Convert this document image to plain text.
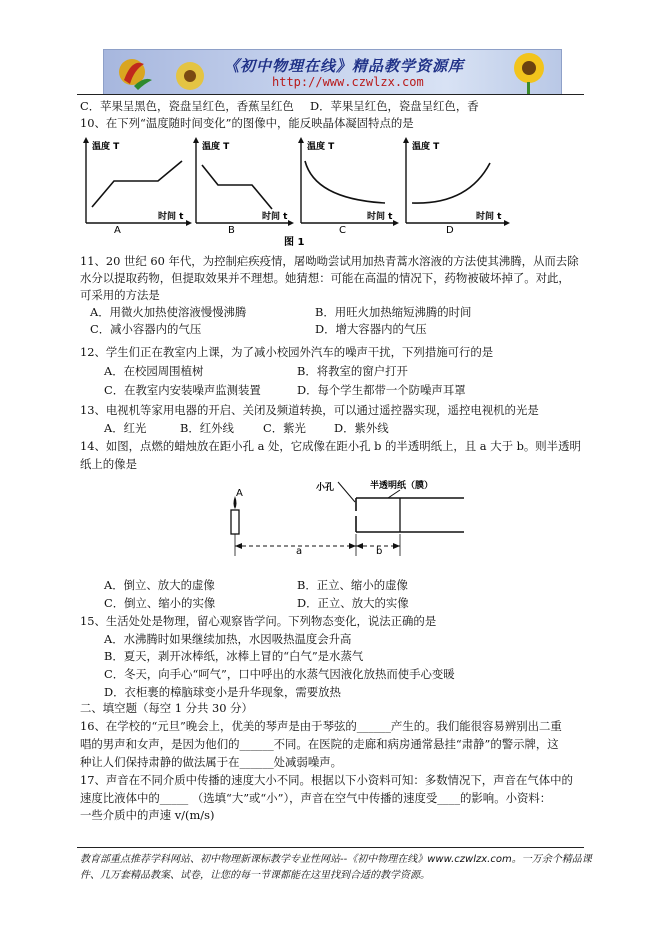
《初中物理在线》精品教学资源库
http://www.czwlzx.com
C．苹果呈黑色，瓷盘呈红色，香蕉呈红色 D．苹果呈红色，瓷盘呈红色，香
10、在下列“温度随时间变化”的图像中，能反映晶体凝固特点的是
温度 T
时间 t
A
温度 T
时间 t
B
温度 T
时间 t
C
温度 T
时间 t
D
图 1
11、20 世纪 60 年代，为控制疟疾疫情，屠呦呦尝试用加热青蒿水溶液的方法使其沸腾，从而去除
水分以提取药物，但提取效果并不理想。她猜想：可能在高温的情况下，药物被破坏掉了。对此，
可采用的方法是
A．用微火加热使溶液慢慢沸腾	B．用旺火加热缩短沸腾的时间
C．减小容器内的气压	D．增大容器内的气压
12、学生们正在教室内上课，为了减小校园外汽车的噪声干扰，下列措施可行的是
A．在校园周围植树	B．将教室的窗户打开
C．在教室内安装噪声监测装置	D．每个学生都带一个防噪声耳罩
13、电视机等家用电器的开启、关闭及频道转换，可以通过遥控器实现，遥控电视机的光是
A．红光	B．红外线	C．紫光 D．紫外线
14、如图，点燃的蜡烛放在距小孔 a 处，它成像在距小孔 b 的半透明纸上，且 a 大于 b。则半透明
纸上的像是
A	小孔	半透明纸（膜）
a	b
A．倒立、放大的虚像	B．正立、缩小的虚像
C．倒立、缩小的实像	D．正立、放大的实像
15、生活处处是物理，留心观察皆学问。下列物态变化，说法正确的是
A．水沸腾时如果继续加热，水因吸热温度会升高
B．夏天，剥开冰棒纸，冰棒上冒的“白气”是水蒸气
C．冬天，向手心“呵气”，口中呼出的水蒸气因液化放热而使手心变暖
D．衣柜裹的樟脑球变小是升华现象，需要放热
二、填空题（每空 1 分共 30 分）
16、在学校的“元旦”晚会上，优美的琴声是由于琴弦的______产生的。我们能很容易辨别出二重
唱的男声和女声，是因为他们的______不同。在医院的走廊和病房通常悬挂“肃静”的警示牌，这
种让人们保持肃静的做法属于在______处减弱噪声。
17、声音在不同介质中传播的速度大小不同。根据以下小资料可知：多数情况下，声音在气体中的
速度比液体中的_____ （选填“大”或“小”），声音在空气中传播的速度受____的影响。小资料：
一些介质中的声速 v/(m/s)
教育部重点推荐学科网站、初中物理新课标教学专业性网站--《初中物理在线》www.czwlzx.com。一万余个精品课
件、几万套精品教案、试卷，让您的每一节课都能在这里找到合适的教学资源。
